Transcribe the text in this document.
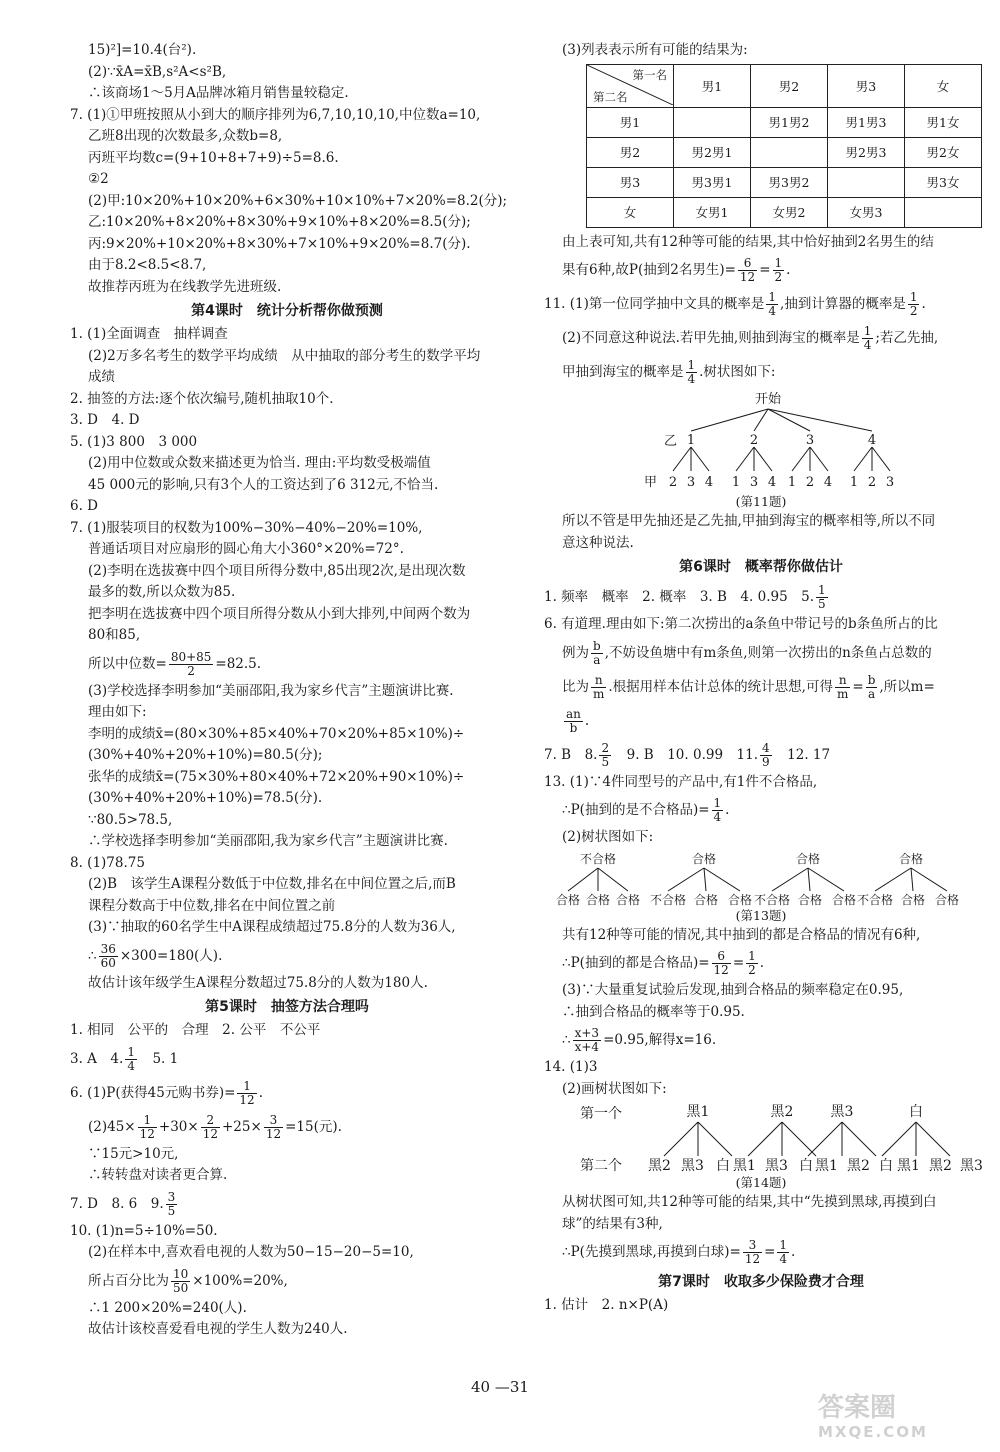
15)²]=10.4(台²).
(2)∵x̄A=x̄B,s²A<s²B,
∴该商场1～5月A品牌冰箱月销售量较稳定.
7. (1)①甲班按照从小到大的顺序排列为6,7,10,10,10,中位数a=10,
乙班8出现的次数最多,众数b=8,
丙班平均数c=(9+10+8+7+9)÷5=8.6.
②2
(2)甲:10×20%+10×20%+6×30%+10×10%+7×20%=8.2(分);
乙:10×20%+8×20%+8×30%+9×10%+8×20%=8.5(分);
丙:9×20%+10×20%+8×30%+7×10%+9×20%=8.7(分).
由于8.2<8.5<8.7,
故推荐丙班为在线教学先进班级.
第4课时　统计分析帮你做预测
1. (1)全面调查　抽样调查
(2)2万多名考生的数学平均成绩　从中抽取的部分考生的数学平均
成绩
2. 抽签的方法:逐个依次编号,随机抽取10个.
3. D　4. D
5. (1)3 800　3 000
(2)用中位数或众数来描述更为恰当. 理由:平均数受极端值
45 000元的影响,只有3个人的工资达到了6 312元,不恰当.
6. D
7. (1)服装项目的权数为100%−30%−40%−20%=10%,
普通话项目对应扇形的圆心角大小360°×20%=72°.
(2)李明在选拔赛中四个项目所得分数中,85出现2次,是出现次数
最多的数,所以众数为85.
把李明在选拔赛中四个项目所得分数从小到大排列,中间两个数为
80和85,
所以中位数= $\frac{80+85}{2} =82.5$.
(3)学校选择李明参加“美丽邵阳,我为家乡代言”主题演讲比赛.
理由如下:
李明的成绩x̄=(80×30%+85×40%+70×20%+85×10%)÷
(30%+40%+20%+10%)=80.5(分);
张华的成绩x̄=(75×30%+80×40%+72×20%+90×10%)÷
(30%+40%+20%+10%)=78.5(分).
∵80.5>78.5,
∴学校选择李明参加“美丽邵阳,我为家乡代言”主题演讲比赛.
8. (1)78.75
(2)B　该学生A课程分数低于中位数,排名在中间位置之后,而B
课程分数高于中位数,排名在中间位置之前
(3)∵抽取的60名学生中A课程成绩超过75.8分的人数为36人,
∴ $\frac{36}{60} \times 300=180$(人).
故估计该年级学生A课程分数超过75.8分的人数为180人.
第5课时　抽签方法合理吗
1. 相同　公平的　合理　2. 公平　不公平
3. A　4. $\frac{1}{4}$
　 5. 1
6. (1)P(获得45元购书券)= $\frac{1}{12}$ .
$(2)45\times \frac{1}{12} +30\times \frac{2}{12} +25\times \frac{3}{12} =15$(元).
∵15元>10元,
∴转转盘对读者更合算.
7. D　8. 6　9. $\frac{3}{5}$
10. (1)n=5÷10%=50.
(2)在样本中,喜欢看电视的人数为50−15−20−5=10,
所占百分比为 $\frac{10}{50} \times 100\%=20\%$,
∴1 200×20%=240(人).
故估计该校喜爱看电视的学生人数为240人.
(3)列表表示所有可能的结果为:
第一名
第二名	男1	男2	男3	女
男1		男1男2	男1男3	男1女
男2	男2男1		男2男3	男2女
男3	男3男1	男3男2		男3女
女	女男1	女男2	女男3	
由上表可知,共有12种等可能的结果,其中恰好抽到2名男生的结
果有6种,故P(抽到2名男生)= $\frac{6}{12} = \frac{1}{2}$ .
11. (1)第一位同学抽中文具的概率是 $\frac{1}{4}$ ,抽到计算器的概率是 $\frac{1}{2}$ .
(2)不同意这种说法.若甲先抽,则抽到海宝的概率是 $\frac{1}{4}$ ;若乙先抽,
甲抽到海宝的概率是 $\frac{1}{4}$ .树状图如下:
开始
乙 1	2	3	4
甲 2 3 4 1 3 4 1 2 4 1 2 3
(第11题)
所以不管是甲先抽还是乙先抽,甲抽到海宝的概率相等,所以不同
意这种说法.
第6课时　概率帮你做估计
1. 频率　概率　2. 概率　3. B　4. 0.95　5. $\frac{1}{5}$
6. 有道理.理由如下:第二次捞出的a条鱼中带记号的b条鱼所占的比
例为 $\frac{b}{a}$ ,不妨设鱼塘中有m条鱼,则第一次捞出的n条鱼占总数的
比为 $\frac{n}{m}$ .根据用样本估计总体的统计思想,可得 $\frac{n}{m} = \frac{b}{a}$ ,所以m=
$\frac{an}{b}$ .
7. B　8. $\frac{2}{5}$
　 9. B　10. 0.99　11. $\frac{4}{9}$
　 12. 17
13. (1)∵4件同型号的产品中,有1件不合格品,
∴P(抽到的是不合格品)= $\frac{1}{4}$ .
(2)树状图如下:
不合格	合格	合格	合格
合格 合格 合格 不合格 合格 合格 不合格 合格 合格 不合格 合格 合格
(第13题)
共有12种等可能的情况,其中抽到的都是合格品的情况有6种,
∴P(抽到的都是合格品)= $\frac{6}{12} = \frac{1}{2}$ .
(3)∵大量重复试验后发现,抽到合格品的频率稳定在0.95,
∴抽到合格品的概率等于0.95.
∴ $\frac{x+3}{x+4} =0.95$,解得x=16.
14. (1)3
(2)画树状图如下:
第一个	黑1	黑2	黑3	白
第二个 黑2 黑3 白 黑1 黑3 白 黑1 黑2 白 黑1 黑2 黑3
(第14题)
从树状图可知,共12种等可能的结果,其中“先摸到黑球,再摸到白
球”的结果有3种,
∴P(先摸到黑球,再摸到白球)= $\frac{3}{12} = \frac{1}{4}$ .
第7课时　收取多少保险费才合理
1. 估计　2. n×P(A)
40 —31
答案圈
MXQE.COM
